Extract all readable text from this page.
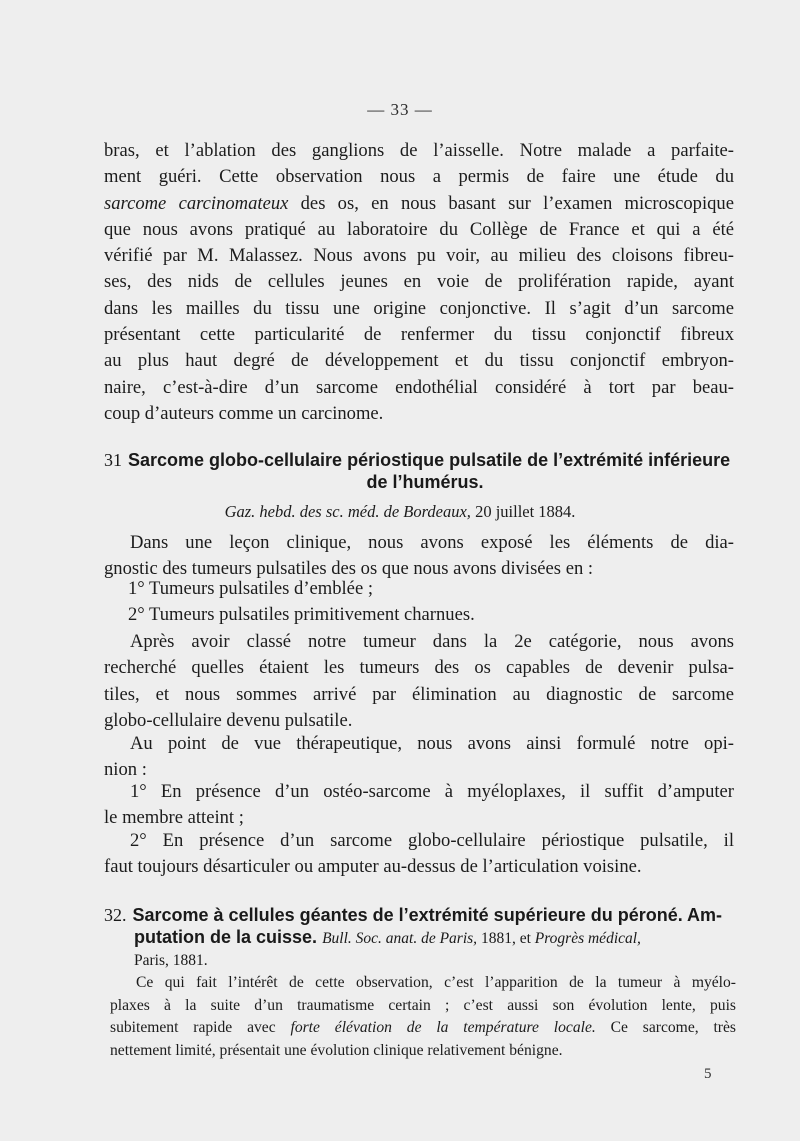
— 33 —

bras, et l’ablation des ganglions de l’aisselle. Notre malade a parfaite-
ment guéri. Cette observation nous a permis de faire une étude du
sarcome carcinomateux des os, en nous basant sur l’examen microscopique
que nous avons pratiqué au laboratoire du Collège de France et qui a été
vérifié par M. Malassez. Nous avons pu voir, au milieu des cloisons fibreu-
ses, des nids de cellules jeunes en voie de prolifération rapide, ayant
dans les mailles du tissu une origine conjonctive. Il s’agit d’un sarcome
présentant cette particularité de renfermer du tissu conjonctif fibreux
au plus haut degré de développement et du tissu conjonctif embryon-
naire, c’est-à-dire d’un sarcome endothélial considéré à tort par beau-
coup d’auteurs comme un carcinome.

31 Sarcome globo-cellulaire périostique pulsatile de l’extrémité inférieure
de l’humérus.
Gaz. hebd. des sc. méd. de Bordeaux, 20 juillet 1884.

Dans une leçon clinique, nous avons exposé les éléments de dia-
gnostic des tumeurs pulsatiles des os que nous avons divisées en :

1° Tumeurs pulsatiles d’emblée ;

2° Tumeurs pulsatiles primitivement charnues.

Après avoir classé notre tumeur dans la 2e catégorie, nous avons
recherché quelles étaient les tumeurs des os capables de devenir pulsa-
tiles, et nous sommes arrivé par élimination au diagnostic de sarcome
globo-cellulaire devenu pulsatile.

Au point de vue thérapeutique, nous avons ainsi formulé notre opi-
nion :

1° En présence d’un ostéo-sarcome à myéloplaxes, il suffit d’amputer
le membre atteint ;

2° En présence d’un sarcome globo-cellulaire périostique pulsatile, il
faut toujours désarticuler ou amputer au-dessus de l’articulation voisine.

32. Sarcome à cellules géantes de l’extrémité supérieure du péroné. Am-
putation de la cuisse. Bull. Soc. anat. de Paris, 1881, et Progrès médical,
Paris, 1881.

Ce qui fait l’intérêt de cette observation, c’est l’apparition de la tumeur à myélo-
plaxes à la suite d’un traumatisme certain ; c’est aussi son évolution lente, puis
subitement rapide avec forte élévation de la température locale. Ce sarcome, très
nettement limité, présentait une évolution clinique relativement bénigne.

5
